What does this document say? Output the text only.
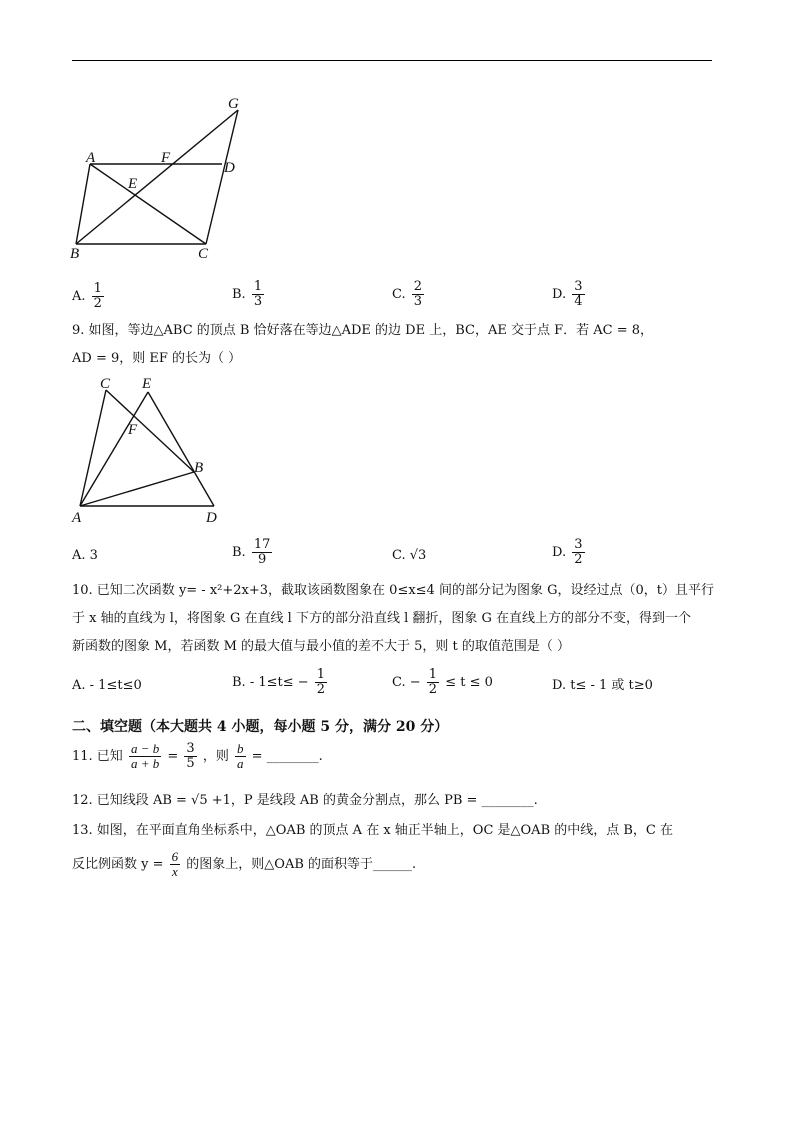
A	F
G
D
E
B	C
A. $\frac{1}{2}$	B. $\frac{1}{3}$	C. $\frac{2}{3}$	D. $\frac{3}{4}$
9. 如图，等边△ABC 的顶点 B 恰好落在等边△ADE 的边 DE 上，BC，AE 交于点 F．若 AC = 8，
AD = 9，则 EF 的长为（ ）
C E
F
B
A	D
A. 3	B. $\frac{17}{9}$	C. √3	D. $\frac{3}{2}$
10. 已知二次函数 y= - x²+2x+3，截取该函数图象在 0≤x≤4 间的部分记为图象 G，设经过点（0，t）且平行
于 x 轴的直线为 l，将图象 G 在直线 l 下方的部分沿直线 l 翻折，图象 G 在直线上方的部分不变，得到一个
新函数的图象 M，若函数 M 的最大值与最小值的差不大于 5，则 t 的取值范围是（ ）
A. - 1≤t≤0	B. - $1\le t\le - \frac{1}{2}$	C. − $\frac{1}{2} \le t \le 0$	D. t≤ - 1 或 t≥0
二、填空题（本大题共 4 小题，每小题 5 分，满分 20 分）
11. 已知 $\frac{a - b}{a + b} = \frac{3}{5}$ ，则 $\frac{b}{a}$ = ________.
12. 已知线段 AB = √5 +1，P 是线段 AB 的黄金分割点，那么 PB = ________.
13. 如图，在平面直角坐标系中，△OAB 的顶点 A 在 x 轴正半轴上，OC 是△OAB 的中线，点 B，C 在
反比例函数 $y = \frac{6}{x}$ 的图象上，则△OAB 的面积等于______.
